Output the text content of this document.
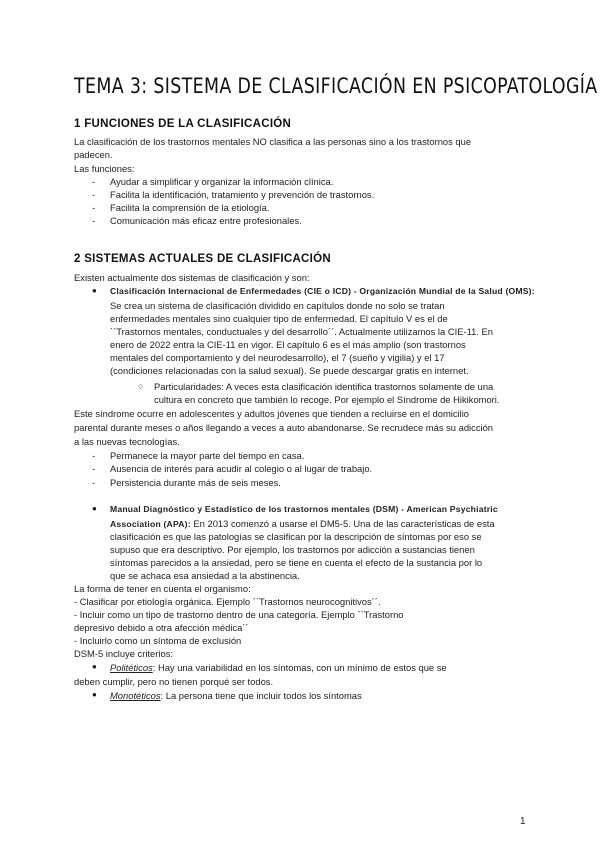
TEMA 3: SISTEMA DE CLASIFICACIÓN EN PSICOPATOLOGÍA
1 FUNCIONES DE LA CLASIFICACIÓN
La clasificación de los trastornos mentales NO clasifica a las personas sino a los trastornos que
padecen.
Las funciones:
- Ayudar a simplificar y organizar la información clínica.
- Facilita la identificación, tratamiento y prevención de trastornos.
- Facilita la comprensión de la etiología.
- Comunicación más eficaz entre profesionales.
2 SISTEMAS ACTUALES DE CLASIFICACIÓN
Existen actualmente dos sistemas de clasificación y son:
● Clasificación Internacional de Enfermedades (CIE o ICD) - Organización Mundial de la Salud (OMS):
Se crea un sistema de clasificación dividido en capítulos donde no solo se tratan
enfermedades mentales sino cualquier tipo de enfermedad. El capítulo V es el de
``Trastornos mentales, conductuales y del desarrollo´´. Actualmente utilizamos la CIE-11. En
enero de 2022 entra la CIE-11 en vigor. El capítulo 6 es el más amplio (son trastornos
mentales del comportamiento y del neurodesarrollo), el 7 (sueño y vigilia) y el 17
(condiciones relacionadas con la salud sexual). Se puede descargar gratis en internet.
○ Particularidades: A veces esta clasificación identifica trastornos solamente de una
cultura en concreto que también lo recoge. Por ejemplo el Síndrome de Hikikomori.
Este síndrome ocurre en adolescentes y adultos jóvenes que tienden a recluirse en el domicilio
parental durante meses o años llegando a veces a auto abandonarse. Se recrudece más su adicción
a las nuevas tecnologías.
- Permanece la mayor parte del tiempo en casa.
- Ausencia de interés para acudir al colegio o al lugar de trabajo.
- Persistencia durante más de seis meses.
● Manual Diagnóstico y Estadístico de los trastornos mentales (DSM) - American Psychiatric
Association (APA): En 2013 comenzó a usarse el DM5-5. Una de las características de esta
clasificación es que las patologías se clasifican por la descripción de síntomas por eso se
supuso que era descriptivo. Por ejemplo, los trastornos por adicción a sustancias tienen
síntomas parecidos a la ansiedad, pero se tiene en cuenta el efecto de la sustancia por lo
que se achaca esa ansiedad a la abstinencia.
La forma de tener en cuenta el organismo:
- Clasificar por etiología orgánica. Ejemplo ``Trastornos neurocognitivos´´.
- Incluir como un tipo de trastorno dentro de una categoría. Ejemplo ``Trastorno
depresivo debido a otra afección médica´´
- Incluirlo como un síntoma de exclusión
DSM-5 incluye criterios:
● Politéticos: Hay una variabilidad en los síntomas, con un mínimo de estos que se
deben cumplir, pero no tienen porqué ser todos.
● Monotéticos: La persona tiene que incluir todos los síntomas
1
